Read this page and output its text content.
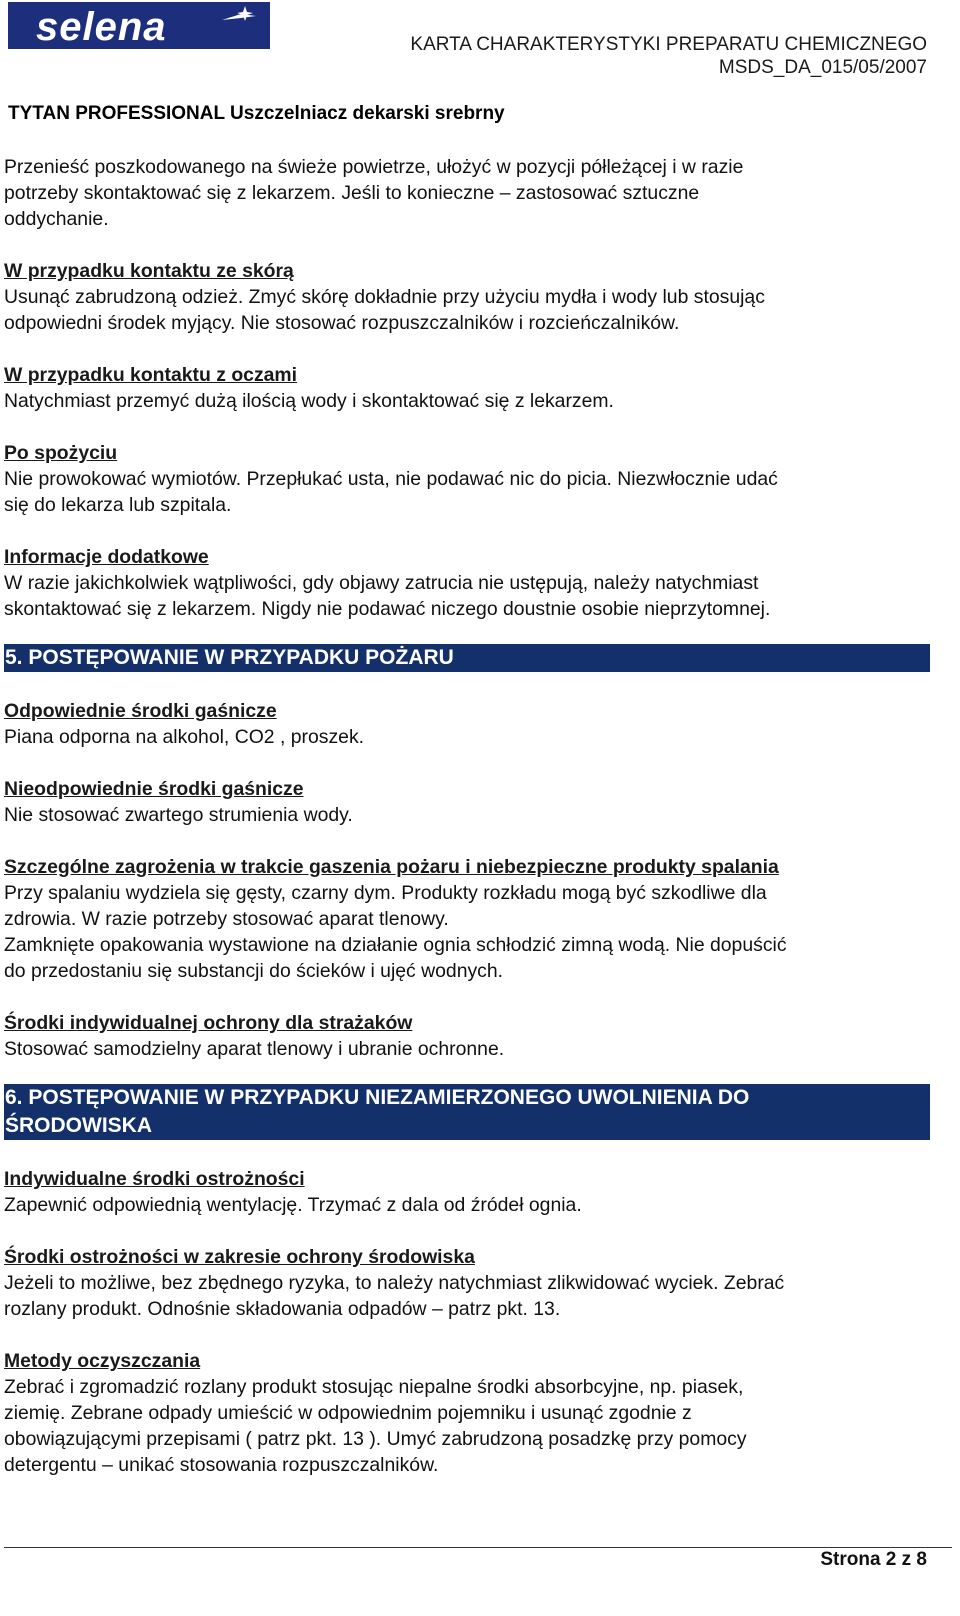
selena	KARTA CHARAKTERYSTYKI PREPARATU CHEMICZNEGO
MSDS_DA_015/05/2007
TYTAN PROFESSIONAL Uszczelniacz dekarski srebrny

Przenieść poszkodowanego na świeże powietrze, ułożyć w pozycji półleżącej i w razie

potrzeby skontaktować się z lekarzem. Jeśli to konieczne – zastosować sztuczne

oddychanie.

W przypadku kontaktu ze skórą

Usunąć zabrudzoną odzież. Zmyć skórę dokładnie przy użyciu mydła i wody lub stosując

odpowiedni środek myjący. Nie stosować rozpuszczalników i rozcieńczalników.

W przypadku kontaktu z oczami

Natychmiast przemyć dużą ilością wody i skontaktować się z lekarzem.

Po spożyciu

Nie prowokować wymiotów. Przepłukać usta, nie podawać nic do picia. Niezwłocznie udać

się do lekarza lub szpitala.

Informacje dodatkowe

W razie jakichkolwiek wątpliwości, gdy objawy zatrucia nie ustępują, należy natychmiast

skontaktować się z lekarzem. Nigdy nie podawać niczego doustnie osobie nieprzytomnej.

5. POSTĘPOWANIE W PRZYPADKU POŻARU
Odpowiednie środki gaśnicze

Piana odporna na alkohol, CO2 , proszek.

Nieodpowiednie środki gaśnicze

Nie stosować zwartego strumienia wody.

Szczególne zagrożenia w trakcie gaszenia pożaru i niebezpieczne produkty spalania

Przy spalaniu wydziela się gęsty, czarny dym. Produkty rozkładu mogą być szkodliwe dla

zdrowia. W razie potrzeby stosować aparat tlenowy.

Zamknięte opakowania wystawione na działanie ognia schłodzić zimną wodą. Nie dopuścić

do przedostaniu się substancji do ścieków i ujęć wodnych.

Środki indywidualnej ochrony dla strażaków

Stosować samodzielny aparat tlenowy i ubranie ochronne.

6. POSTĘPOWANIE W PRZYPADKU NIEZAMIERZONEGO UWOLNIENIA DO
ŚRODOWISKA
Indywidualne środki ostrożności

Zapewnić odpowiednią wentylację. Trzymać z dala od źródeł ognia.

Środki ostrożności w zakresie ochrony środowiska

Jeżeli to możliwe, bez zbędnego ryzyka, to należy natychmiast zlikwidować wyciek. Zebrać

rozlany produkt. Odnośnie składowania odpadów – patrz pkt. 13.

Metody oczyszczania

Zebrać i zgromadzić rozlany produkt stosując niepalne środki absorbcyjne, np. piasek,

ziemię. Zebrane odpady umieścić w odpowiednim pojemniku i usunąć zgodnie z

obowiązującymi przepisami ( patrz pkt. 13 ). Umyć zabrudzoną posadzkę przy pomocy

detergentu – unikać stosowania rozpuszczalników.

Strona 2 z 8
